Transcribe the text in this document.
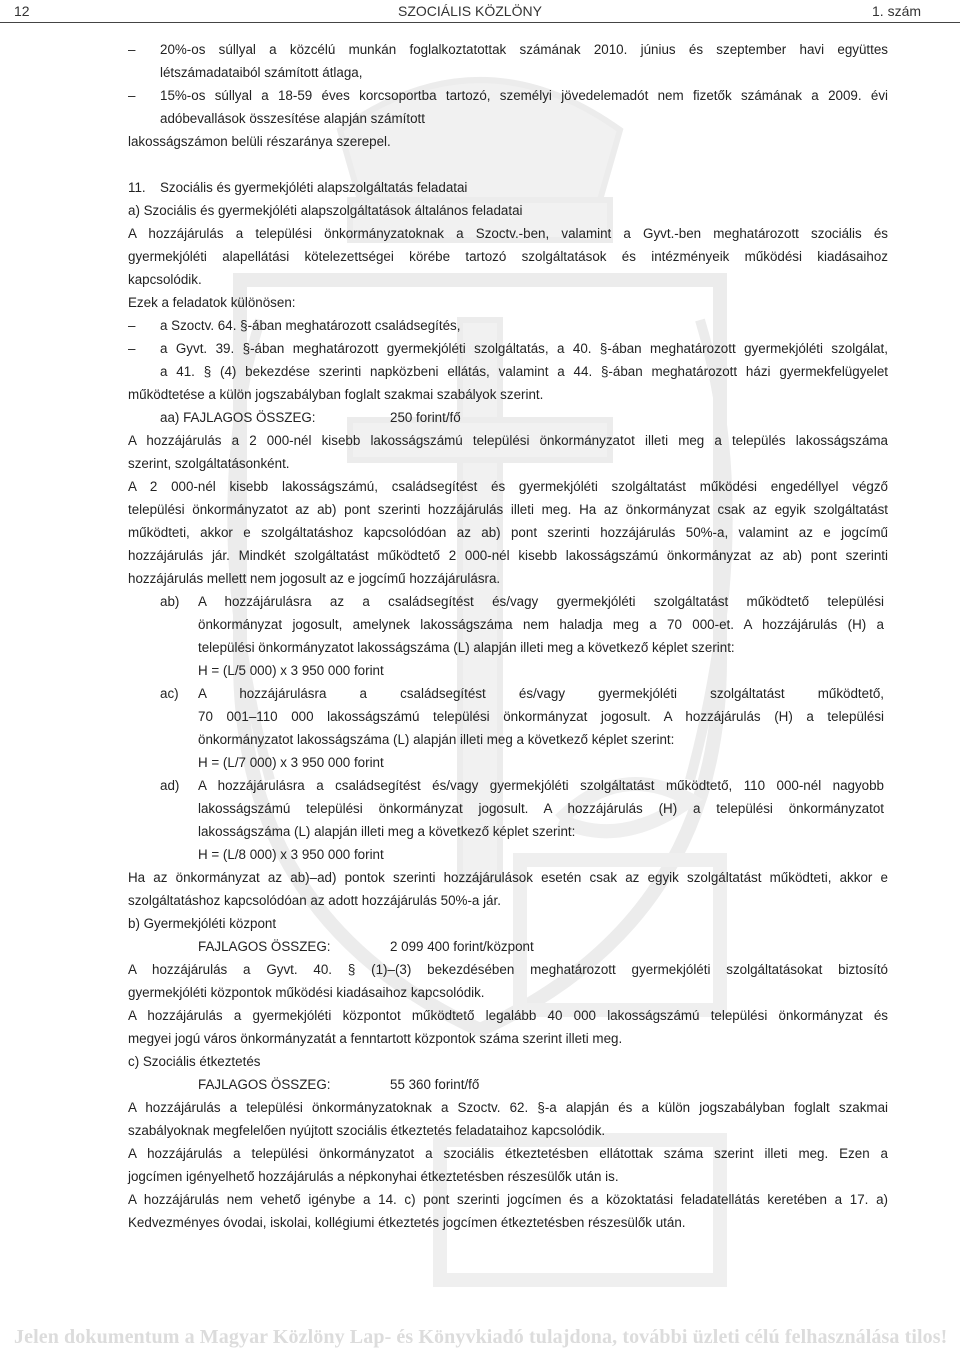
12	SZOCIÁLIS KÖZLÖNY	1. szám
– 20%-os súllyal a közcélú munkán foglalkoztatottak számának 2010. június és szeptember havi együttes
létszámadataiból számított átlaga,
– 15%-os súllyal a 18-59 éves korcsoportba tartozó, személyi jövedelemadót nem fizetők számának a 2009. évi
adóbevallások összesítése alapján számított
lakosságszámon belüli részaránya szerepel.
11. Szociális és gyermekjóléti alapszolgáltatás feladatai
a) Szociális és gyermekjóléti alapszolgáltatások általános feladatai
A hozzájárulás a települési önkormányzatoknak a Szoctv.-ben, valamint a Gyvt.-ben meghatározott szociális és
gyermekjóléti alapellátási kötelezettségei körébe tartozó szolgáltatások és intézményeik működési kiadásaihoz
kapcsolódik.
Ezek a feladatok különösen:
– a Szoctv. 64. §-ában meghatározott családsegítés,
– a Gyvt. 39. §-ában meghatározott gyermekjóléti szolgáltatás, a 40. §-ában meghatározott gyermekjóléti szolgálat,
a 41. § (4) bekezdése szerinti napközbeni ellátás, valamint a 44. §-ában meghatározott házi gyermekfelügyelet
működtetése a külön jogszabályban foglalt szakmai szabályok szerint.
aa) FAJLAGOS ÖSSZEG:	250 forint/fő
A hozzájárulás a 2 000-nél kisebb lakosságszámú települési önkormányzatot illeti meg a település lakosságszáma
szerint, szolgáltatásonként.
A 2 000-nél kisebb lakosságszámú, családsegítést és gyermekjóléti szolgáltatást működési engedéllyel végző
települési önkormányzatot az ab) pont szerinti hozzájárulás illeti meg. Ha az önkormányzat csak az egyik szolgáltatást
működteti, akkor e szolgáltatáshoz kapcsolódóan az ab) pont szerinti hozzájárulás 50%-a, valamint az e jogcímű
hozzájárulás jár. Mindkét szolgáltatást működtető 2 000-nél kisebb lakosságszámú önkormányzat az ab) pont szerinti
hozzájárulás mellett nem jogosult az e jogcímű hozzájárulásra.
ab) A hozzájárulásra az a családsegítést és/vagy gyermekjóléti szolgáltatást működtető települési
önkormányzat jogosult, amelynek lakosságszáma nem haladja meg a 70 000-et. A hozzájárulás (H) a
települési önkormányzatot lakosságszáma (L) alapján illeti meg a következő képlet szerint:
H = (L/5 000) x 3 950 000 forint
ac) A hozzájárulásra a családsegítést és/vagy gyermekjóléti szolgáltatást működtető,
70 001–110 000 lakosságszámú települési önkormányzat jogosult. A hozzájárulás (H) a települési
önkormányzatot lakosságszáma (L) alapján illeti meg a következő képlet szerint:
H = (L/7 000) x 3 950 000 forint
ad) A hozzájárulásra a családsegítést és/vagy gyermekjóléti szolgáltatást működtető, 110 000-nél nagyobb
lakosságszámú települési önkormányzat jogosult. A hozzájárulás (H) a települési önkormányzatot
lakosságszáma (L) alapján illeti meg a következő képlet szerint:
H = (L/8 000) x 3 950 000 forint
Ha az önkormányzat az ab)–ad) pontok szerinti hozzájárulások esetén csak az egyik szolgáltatást működteti, akkor e
szolgáltatáshoz kapcsolódóan az adott hozzájárulás 50%-a jár.
b) Gyermekjóléti központ
FAJLAGOS ÖSSZEG:	2 099 400 forint/központ
A hozzájárulás a Gyvt. 40. § (1)–(3) bekezdésében meghatározott gyermekjóléti szolgáltatásokat biztosító
gyermekjóléti központok működési kiadásaihoz kapcsolódik.
A hozzájárulás a gyermekjóléti központot működtető legalább 40 000 lakosságszámú települési önkormányzat és
megyei jogú város önkormányzatát a fenntartott központok száma szerint illeti meg.
c) Szociális étkeztetés
FAJLAGOS ÖSSZEG:	55 360 forint/fő
A hozzájárulás a települési önkormányzatoknak a Szoctv. 62. §-a alapján és a külön jogszabályban foglalt szakmai
szabályoknak megfelelően nyújtott szociális étkeztetés feladataihoz kapcsolódik.
A hozzájárulás a települési önkormányzatot a szociális étkeztetésben ellátottak száma szerint illeti meg. Ezen a
jogcímen igényelhető hozzájárulás a népkonyhai étkeztetésben részesülők után is.
A hozzájárulás nem vehető igénybe a 14. c) pont szerinti jogcímen és a közoktatási feladatellátás keretében a 17. a)
Kedvezményes óvodai, iskolai, kollégiumi étkeztetés jogcímen étkeztetésben részesülők után.
Jelen dokumentum a Magyar Közlöny Lap- és Könyvkiadó tulajdona, további üzleti célú felhasználása tilos!
